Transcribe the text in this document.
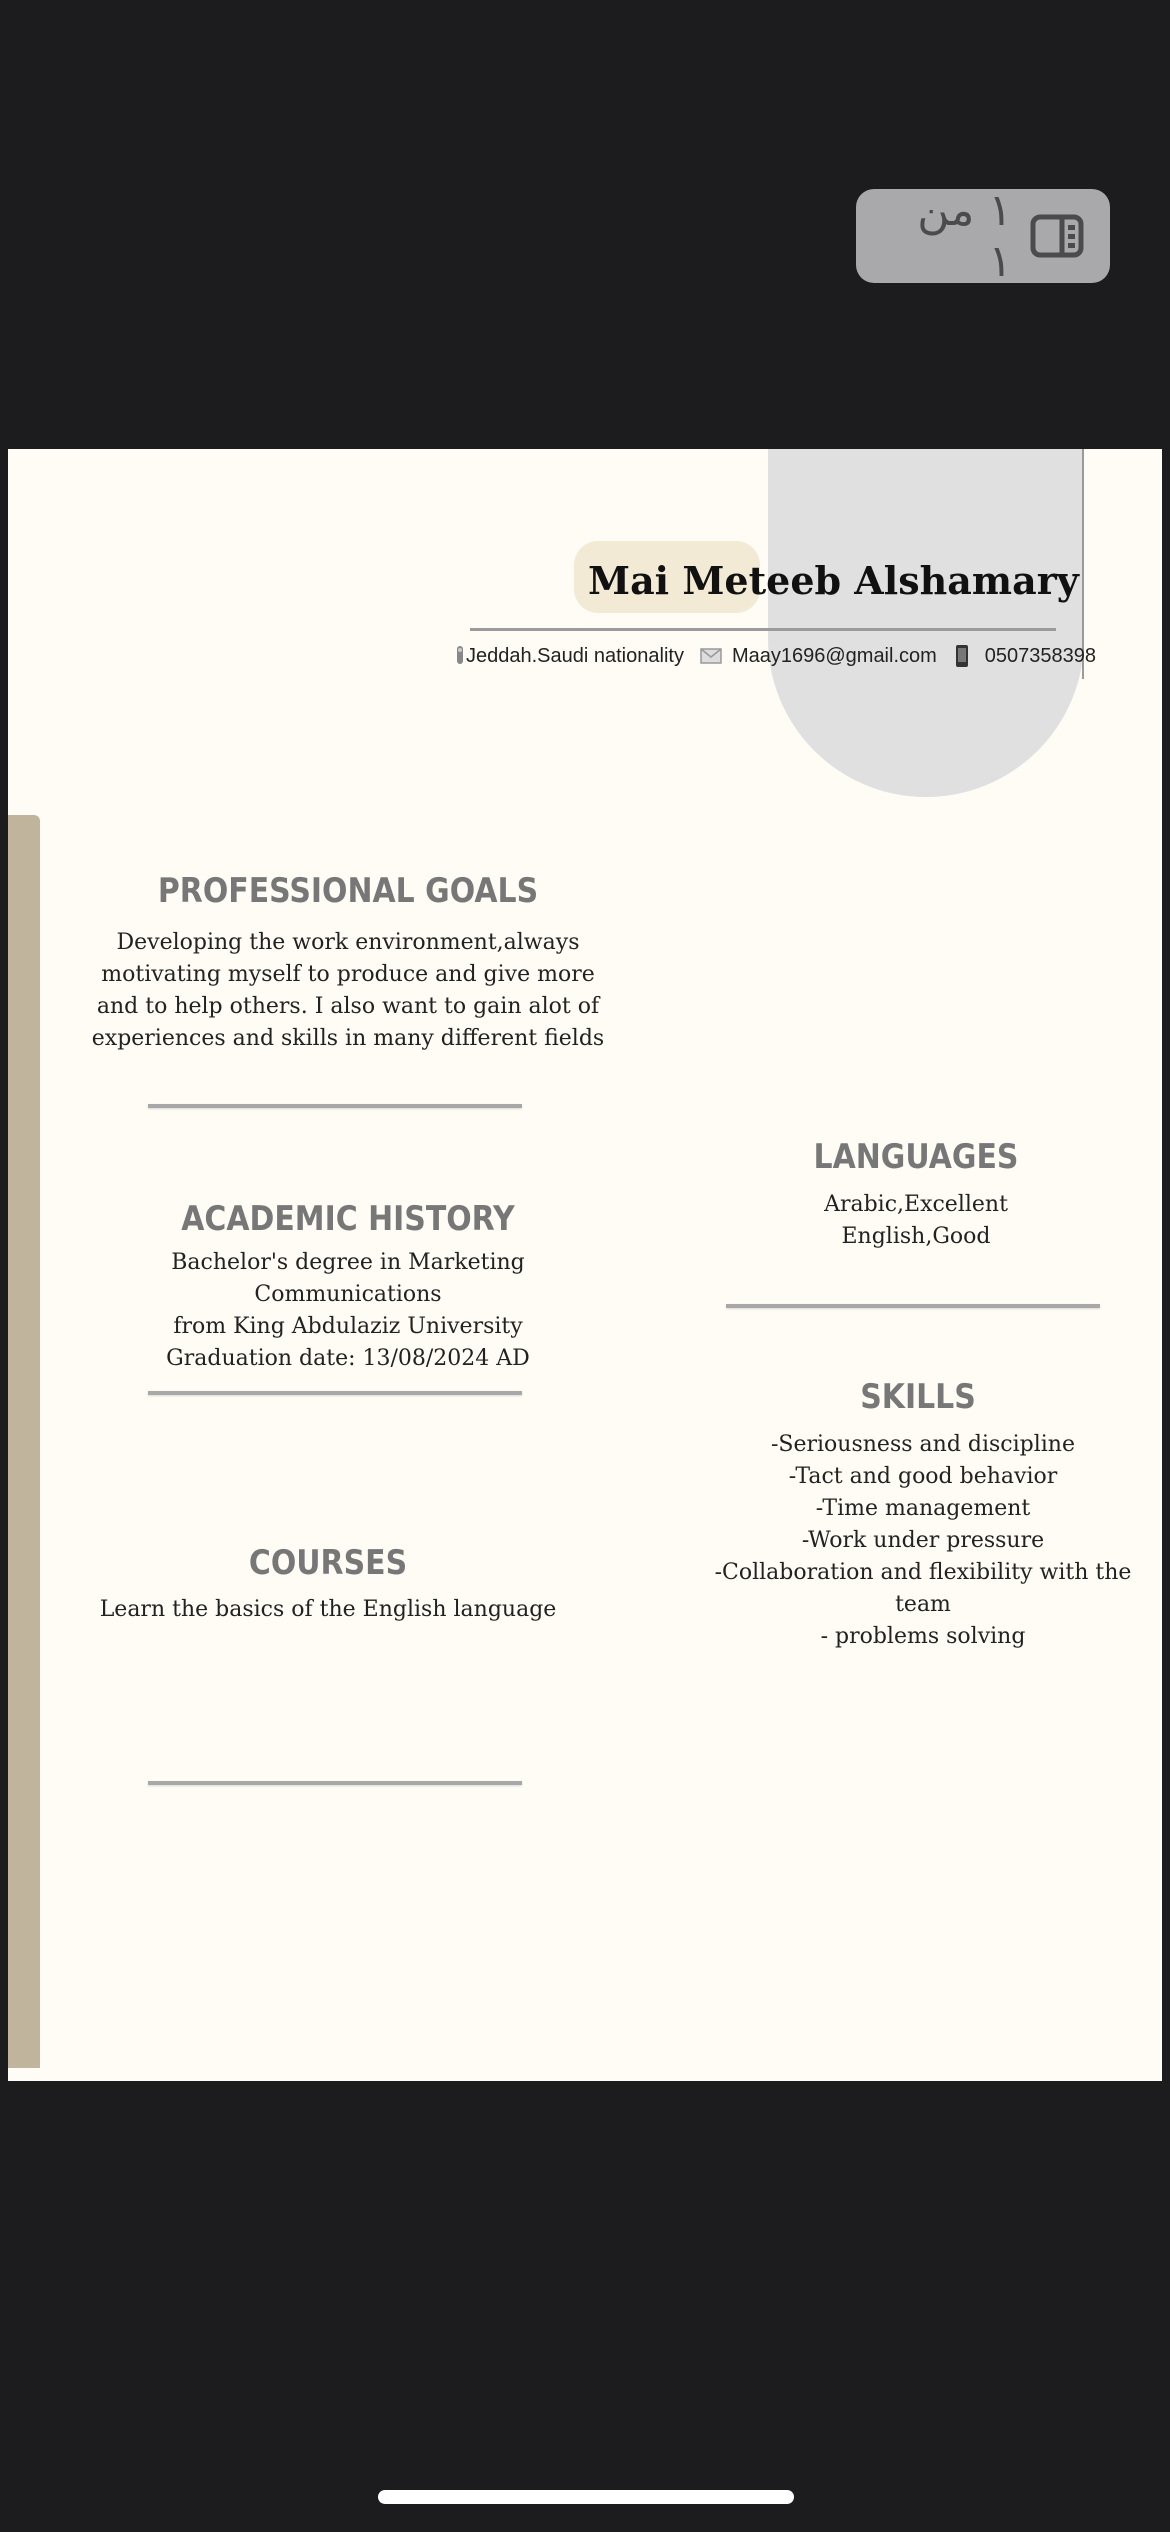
١ من ١
Mai Meteeb Alshamary
Jeddah.Saudi nationality Maay1696@gmail.com 0507358398
PROFESSIONAL GOALS
Developing the work environment,always
motivating myself to produce and give more
and to help others. I also want to gain alot of
experiences and skills in many different fields
ACADEMIC HISTORY
Bachelor's degree in Marketing
Communications
from King Abdulaziz University
Graduation date: 13/08/2024 AD
COURSES
Learn the basics of the English language
LANGUAGES
Arabic,Excellent
English,Good
SKILLS
-Seriousness and discipline
-Tact and good behavior
-Time management
-Work under pressure
-Collaboration and flexibility with the
team
- problems solving
